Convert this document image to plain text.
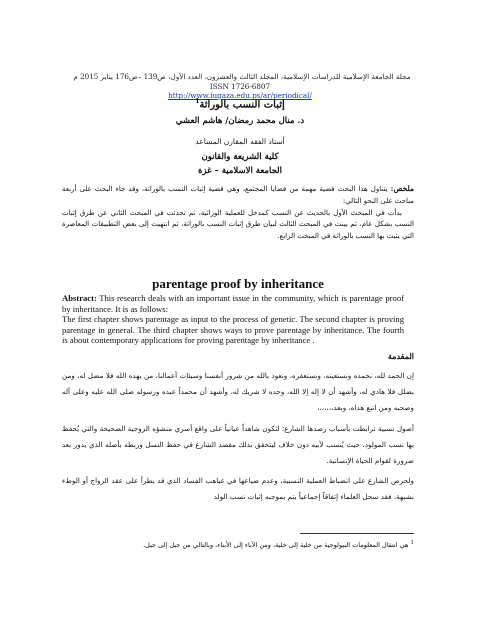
مجلة الجامعة الإسلامية للدراسات الإسلامية، المجلد الثالث والعشرون، العدد الأول، ص139 –ص176 يناير 2015 م
ISSN 1726-6807 http://www.iugaza.edu.ps/ar/periodical/
إثبات النسب بالوراثة$^1$
د. منال محمد رمضان/ هاشم العشي
أستاذ الفقه المقارن المساعد
كلية الشريعة والقانون
الجامعة الاسلامية – غزة
ملخص: يتناول هذا البحث قضية مهمة من قضايا المجتمع، وهي قضية إثبات النسب بالوراثة، وقد جاء البحث على أربعة مباحث على النحو التالي:
بدأت في المبحث الأول بالحديث عن النسب كمدخل للعملية الوراثية، ثم تحدثت في المبحث الثاني عن طرق إثبات النسب بشكل عام، ثم بينت في المبحث الثالث لبيان طرق إثبات النسب بالوراثة، ثم انتهيت إلى بعض التطبيقات المعاصرة التي يثبت بها النسب بالوراثة في المبحث الرابع.
parentage proof by inheritance
Abstract: This research deals with an important issue in the community, which is parentage proof by inheritance. It is as follows:
The first chapter shows parentage as input to the process of genetic. The second chapter is proving parentage in general. The third chapter shows ways to prove parentage by inheritance. The fourth is about contemporary applications for proving parentage by inheritance .
المقدمة

إن الحمد لله، نحمده ونستعينه، ونستغفره، ونعوذ بالله من شرور أنفسنا وسيئات أعمالنا، من يهده الله فلا مضل له، ومن يضلل فلا هادي له، وأشهد أن لا إله إلا الله، وحده لا شريك له، وأشهد أن محمداً عبده ورسوله صلى الله عليه وعلى آله وصحبه ومن اتبع هداه، وبعد،،،،،،،

أصول نسبية ترابطت بأسباب رصدها الشارع؛ لتكون شاهداً عيانياً على واقع أسري منشؤه الزوجية الصحيحة والتي يُحفظ بها نسب المولود، حيث يُنسب لأبيه دون خلاف ليتحقق بذلك مقصد الشارع في حفظ النسل وربطه بأصله الذي يدور بعد ضرورة لقوام الحياة الإنسانية.

ولحرص الشارع على انضباط العملية النسبية، وعدم ضياعها في غياهب الفساد الذي قد يطرأ على عقد الزواج أو الوطء بشبهة، فقد سجل العلماء إتفاقاً إجماعياً يتم بموجبه إثبات نسب الولد

$^1$ هي انتقال المعلومات البيولوجية من خلية إلى خلية، ومن الآباء إلى الأبناء، وبالتالي من جيل إلى جيل.
